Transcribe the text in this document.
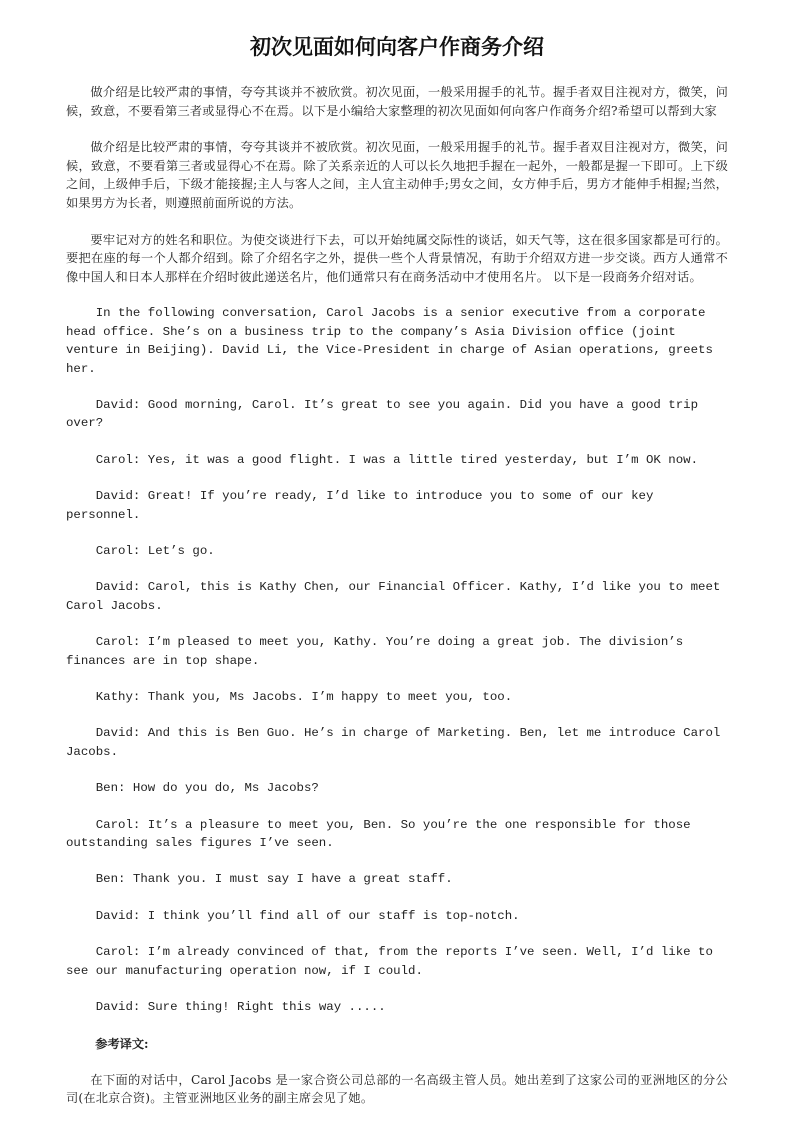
初次见面如何向客户作商务介绍

做介绍是比较严肃的事情，夸夸其谈并不被欣赏。初次见面，一般采用握手的礼节。握手者双目注视对方，微笑，问候，致意，不要看第三者或显得心不在焉。以下是小编给大家整理的初次见面如何向客户作商务介绍?希望可以帮到大家

做介绍是比较严肃的事情，夸夸其谈并不被欣赏。初次见面，一般采用握手的礼节。握手者双目注视对方，微笑，问候，致意，不要看第三者或显得心不在焉。除了关系亲近的人可以长久地把手握在一起外，一般都是握一下即可。上下级之间，上级伸手后，下级才能接握;主人与客人之间，主人宜主动伸手;男女之间，女方伸手后，男方才能伸手相握;当然，如果男方为长者，则遵照前面所说的方法。

要牢记对方的姓名和职位。为使交谈进行下去，可以开始纯属交际性的谈话，如天气等，这在很多国家都是可行的。要把在座的每一个人都介绍到。除了介绍名字之外，提供一些个人背景情况，有助于介绍双方进一步交谈。西方人通常不像中国人和日本人那样在介绍时彼此递送名片，他们通常只有在商务活动中才使用名片。 以下是一段商务介绍对话。

In the following conversation, Carol Jacobs is a senior executive from a corporate head office. She’s on a business trip to the company’s Asia Division office (joint venture in Beijing). David Li, the Vice-President in charge of Asian operations, greets her.

David: Good morning, Carol. It’s great to see you again. Did you have a good trip over?

Carol: Yes, it was a good flight. I was a little tired yesterday, but I’m OK now.

David: Great! If you’re ready, I’d like to introduce you to some of our key personnel.

Carol: Let’s go.

David: Carol, this is Kathy Chen, our Financial Officer. Kathy, I’d like you to meet Carol Jacobs.

Carol: I’m pleased to meet you, Kathy. You’re doing a great job. The division’s finances are in top shape.

Kathy: Thank you, Ms Jacobs. I’m happy to meet you, too.

David: And this is Ben Guo. He’s in charge of Marketing. Ben, let me introduce Carol Jacobs.

Ben: How do you do, Ms Jacobs?

Carol: It’s a pleasure to meet you, Ben. So you’re the one responsible for those outstanding sales figures I’ve seen.

Ben: Thank you. I must say I have a great staff.

David: I think you’ll find all of our staff is top-notch.

Carol: I’m already convinced of that, from the reports I’ve seen. Well, I’d like to see our manufacturing operation now, if I could.

David: Sure thing! Right this way .....

参考译文:

在下面的对话中，Carol Jacobs 是一家合资公司总部的一名高级主管人员。她出差到了这家公司的亚洲地区的分公司(在北京合资)。主管亚洲地区业务的副主席会见了她。
